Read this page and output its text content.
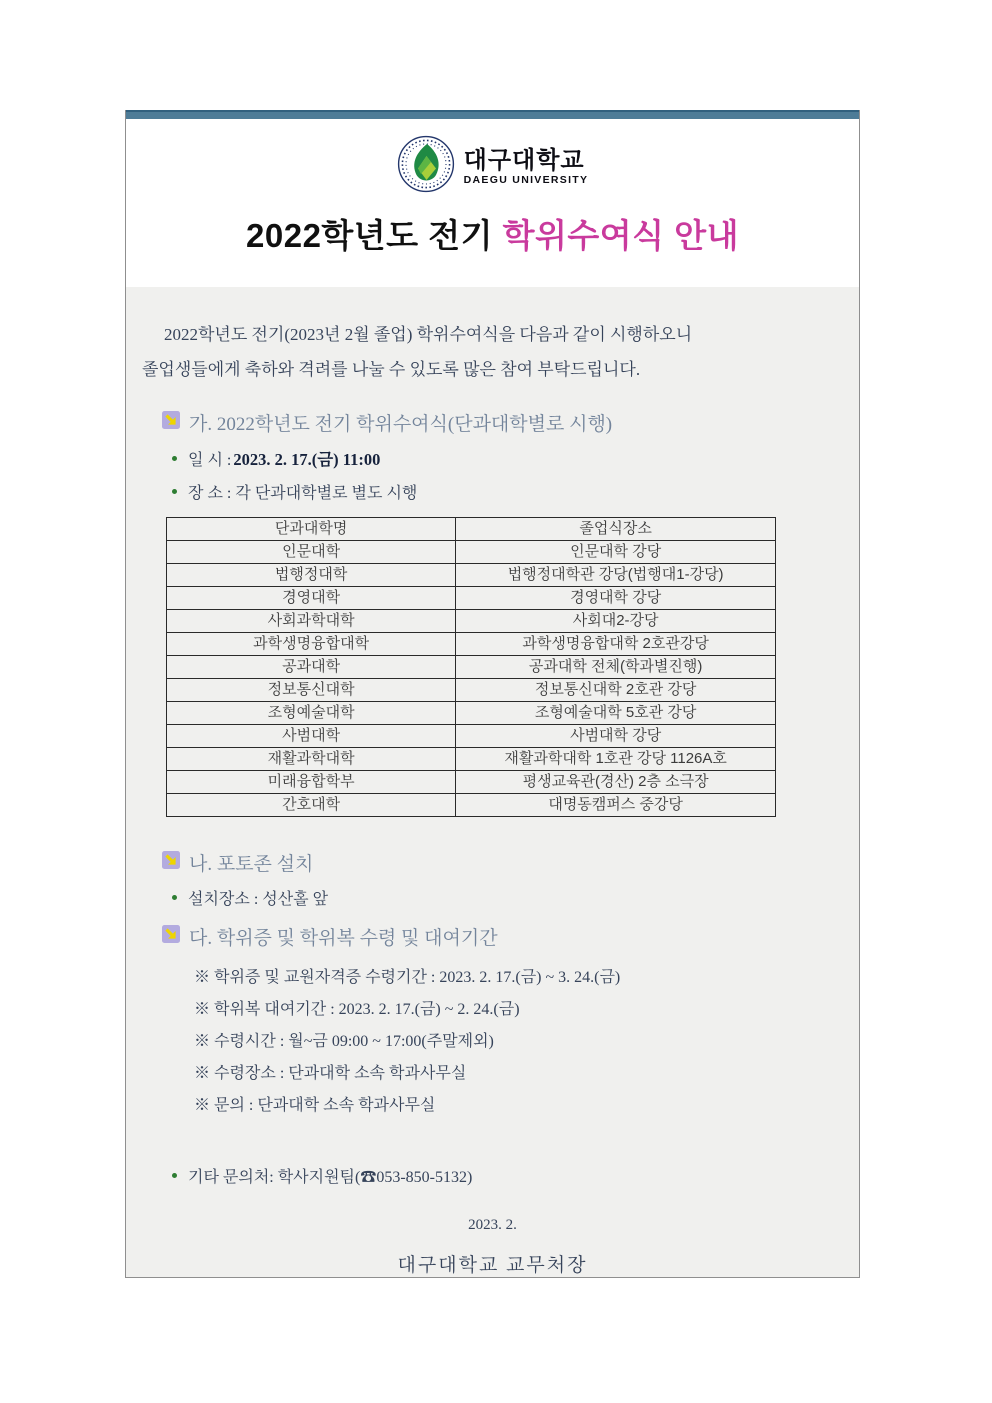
대구대학교
DAEGU UNIVERSITY
2022학년도 전기 학위수여식 안내
2022학년도 전기(2023년 2월 졸업) 학위수여식을 다음과 같이 시행하오니
졸업생들에게 축하와 격려를 나눌 수 있도록 많은 참여 부탁드립니다.
가. 2022학년도 전기 학위수여식(단과대학별로 시행)
일 시 : 2023. 2. 17.(금) 11:00
장 소 : 각 단과대학별로 별도 시행
단과대학명	졸업식장소
인문대학	인문대학 강당
법행정대학	법행정대학관 강당(법행대1-강당)
경영대학	경영대학 강당
사회과학대학	사회대2-강당
과학생명융합대학	과학생명융합대학 2호관강당
공과대학	공과대학 전체(학과별진행)
정보통신대학	정보통신대학 2호관 강당
조형예술대학	조형예술대학 5호관 강당
사범대학	사범대학 강당
재활과학대학	재활과학대학 1호관 강당 1126A호
미래융합학부	평생교육관(경산) 2층 소극장
간호대학	대명동캠퍼스 중강당
나. 포토존 설치
설치장소 : 성산홀 앞
다. 학위증 및 학위복 수령 및 대여기간
※ 학위증 및 교원자격증 수령기간 : 2023. 2. 17.(금) ~ 3. 24.(금)
※ 학위복 대여기간 : 2023. 2. 17.(금) ~ 2. 24.(금)
※ 수령시간 : 월~금 09:00 ~ 17:00(주말제외)
※ 수령장소 : 단과대학 소속 학과사무실
※ 문의 : 단과대학 소속 학과사무실
기타 문의처: 학사지원팀(☎053-850-5132)
2023. 2.
대구대학교 교무처장
